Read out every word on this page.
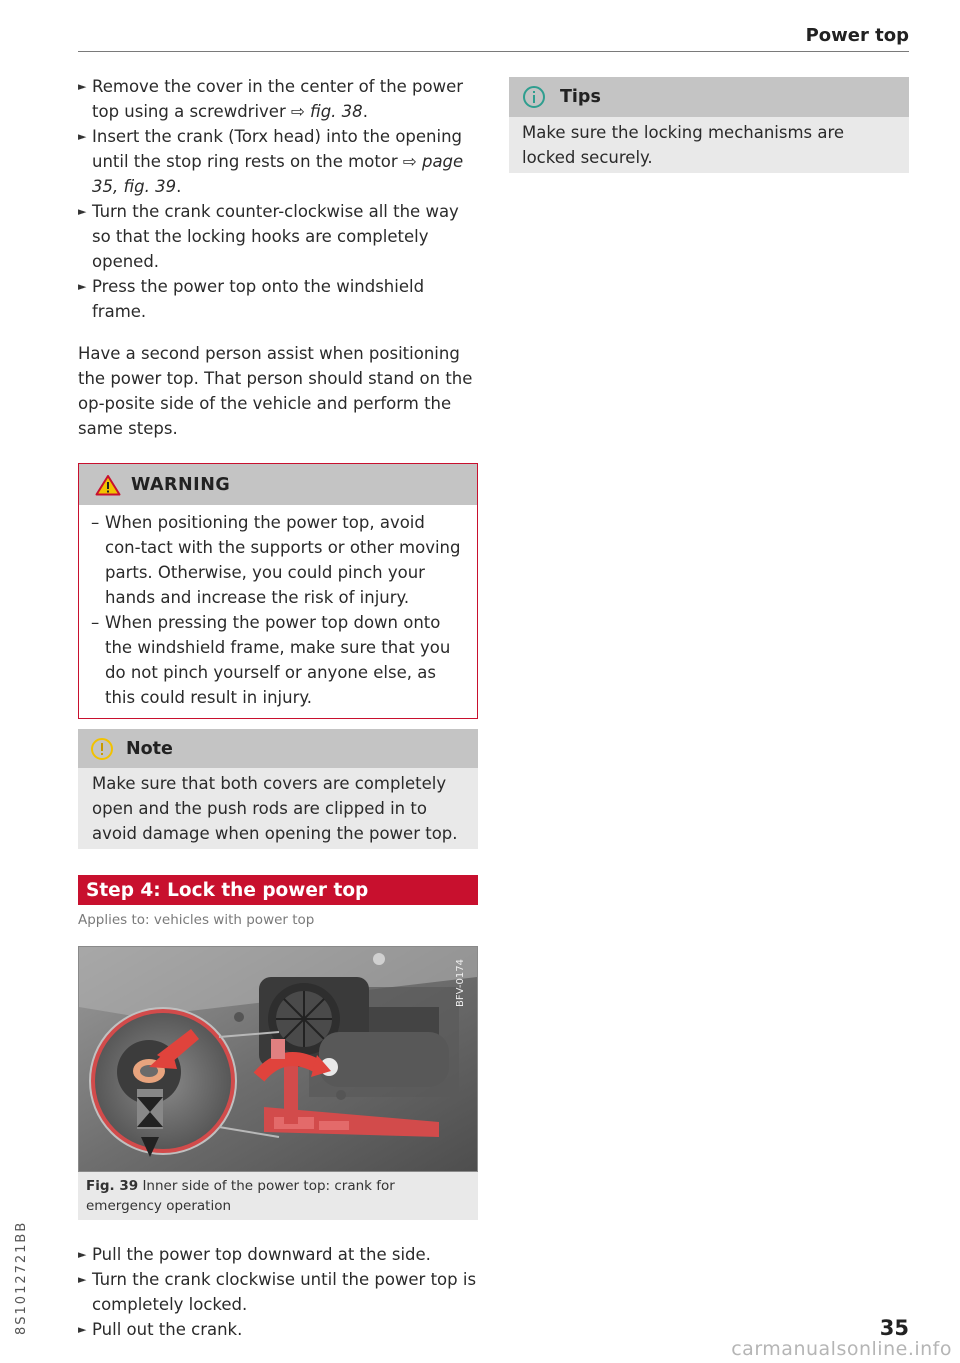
Power top
► Remove the cover in the center of the power top using a screwdriver ⇨ fig. 38.
► Insert the crank (Torx head) into the opening until the stop ring rests on the motor ⇨ page 35, fig. 39.
► Turn the crank counter-clockwise all the way so that the locking hooks are completely opened.
► Press the power top onto the windshield frame.

Have a second person assist when positioning the power top. That person should stand on the op-posite side of the vehicle and perform the same steps.

WARNING
– When positioning the power top, avoid con-tact with the supports or other moving parts. Otherwise, you could pinch your hands and increase the risk of injury.
– When pressing the power top down onto the windshield frame, make sure that you do not pinch yourself or anyone else, as this could result in injury.
Note
Make sure that both covers are completely open and the push rods are clipped in to avoid damage when opening the power top.
Step 4: Lock the power top
Applies to: vehicles with power top
BFV-0174
Fig. 39 Inner side of the power top: crank for emergency operation
► Pull the power top downward at the side.
► Turn the crank clockwise until the power top is completely locked.
► Pull out the crank.
Tips
Make sure the locking mechanisms are locked securely.
8S1012721BB	35
carmanualsonline.info
